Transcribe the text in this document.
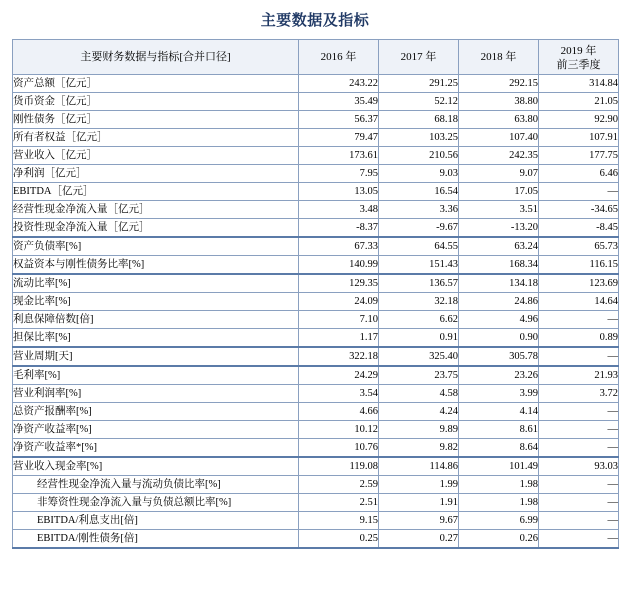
主要数据及指标
主要财务数据与指标[合并口径]	2016 年	2017 年	2018 年	2019 年
前三季度

资产总额［亿元］	243.22	291.25	292.15	314.84
货币资金［亿元］	35.49	52.12	38.80	21.05
刚性债务［亿元］	56.37	68.18	63.80	92.90
所有者权益［亿元］	79.47	103.25	107.40	107.91
营业收入［亿元］	173.61	210.56	242.35	177.75
净利润［亿元］	7.95	9.03	9.07	6.46
EBITDA［亿元］	13.05	16.54	17.05	—
经营性现金净流入量［亿元］	3.48	3.36	3.51	-34.65
投资性现金净流入量［亿元］	-8.37	-9.67	-13.20	-8.45
资产负债率[%]	67.33	64.55	63.24	65.73
权益资本与刚性债务比率[%]	140.99	151.43	168.34	116.15
流动比率[%]	129.35	136.57	134.18	123.69
现金比率[%]	24.09	32.18	24.86	14.64
利息保障倍数[倍]	7.10	6.62	4.96	—
担保比率[%]	1.17	0.91	0.90	0.89
营业周期[天]	322.18	325.40	305.78	—
毛利率[%]	24.29	23.75	23.26	21.93
营业利润率[%]	3.54	4.58	3.99	3.72
总资产报酬率[%]	4.66	4.24	4.14	—
净资产收益率[%]	10.12	9.89	8.61	—
净资产收益率*[%]	10.76	9.82	8.64	—
营业收入现金率[%]	119.08	114.86	101.49	93.03
经营性现金净流入量与流动负债比率[%]	2.59	1.99	1.98	—
非筹资性现金净流入量与负债总额比率[%]	2.51	1.91	1.98	—
EBITDA/利息支出[倍]	9.15	9.67	6.99	—
EBITDA/刚性债务[倍]	0.25	0.27	0.26	—
